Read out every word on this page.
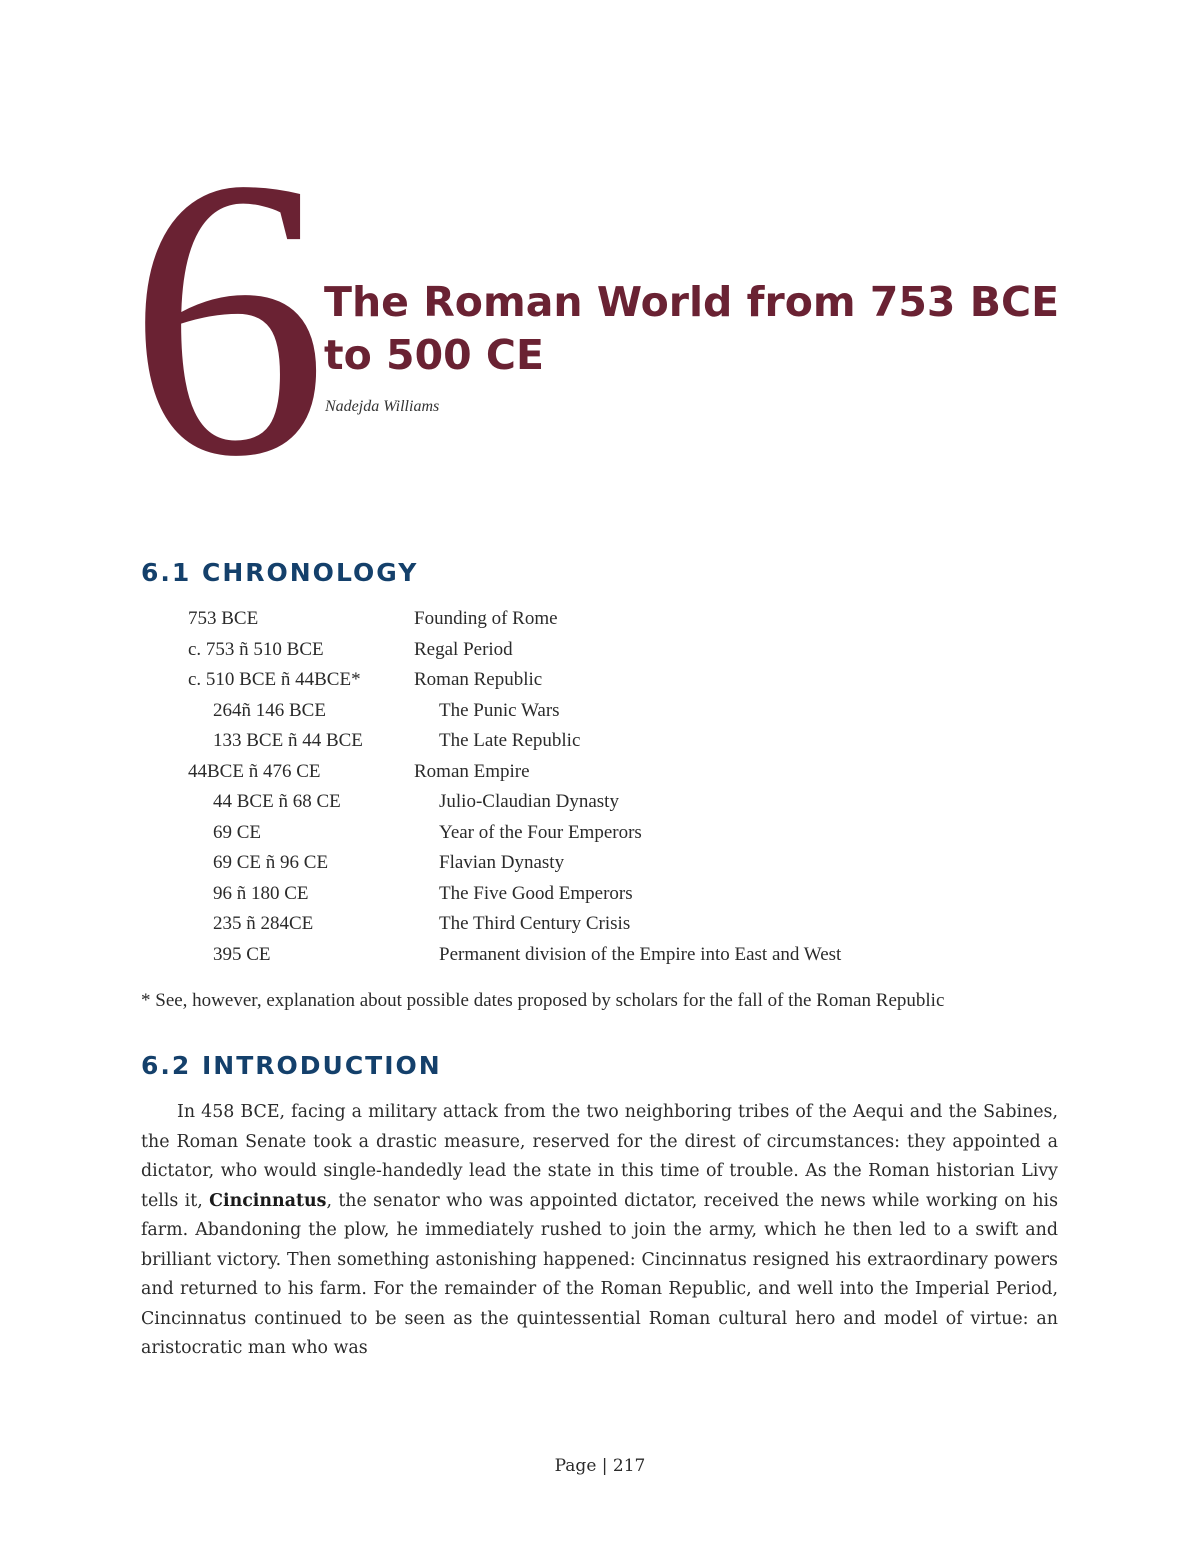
6
The Roman World from 753 BCE to 500 CE
Nadejda Williams
6.1 CHRONOLOGY
753 BCE	Founding of Rome
c. 753 ñ 510 BCE	Regal Period
c. 510 BCE ñ 44BCE*	Roman Republic
264ñ 146 BCE	The Punic Wars
133 BCE ñ 44 BCE	The Late Republic
44BCE ñ 476 CE	Roman Empire
44 BCE ñ 68 CE	Julio-Claudian Dynasty
69 CE	Year of the Four Emperors
69 CE ñ 96 CE	Flavian Dynasty
96 ñ 180 CE	The Five Good Emperors
235 ñ 284CE	The Third Century Crisis
395 CE	Permanent division of the Empire into East and West
* See, however, explanation about possible dates proposed by scholars for the fall of the Roman Republic
6.2 INTRODUCTION

In 458 BCE, facing a military attack from the two neighboring tribes of the Aequi and the Sabines, the Roman Senate took a drastic measure, reserved for the direst of circumstances: they appointed a dictator, who would single-handedly lead the state in this time of trouble. As the Roman historian Livy tells it, Cincinnatus, the senator who was appointed dictator, received the news while working on his farm. Abandoning the plow, he immediately rushed to join the army, which he then led to a swift and brilliant victory. Then something astonishing happened: Cincinnatus resigned his extraordinary powers and returned to his farm. For the remainder of the Roman Republic, and well into the Imperial Period, Cincinnatus continued to be seen as the quintessential Roman cultural hero and model of virtue: an aristocratic man who was

Page | 217
